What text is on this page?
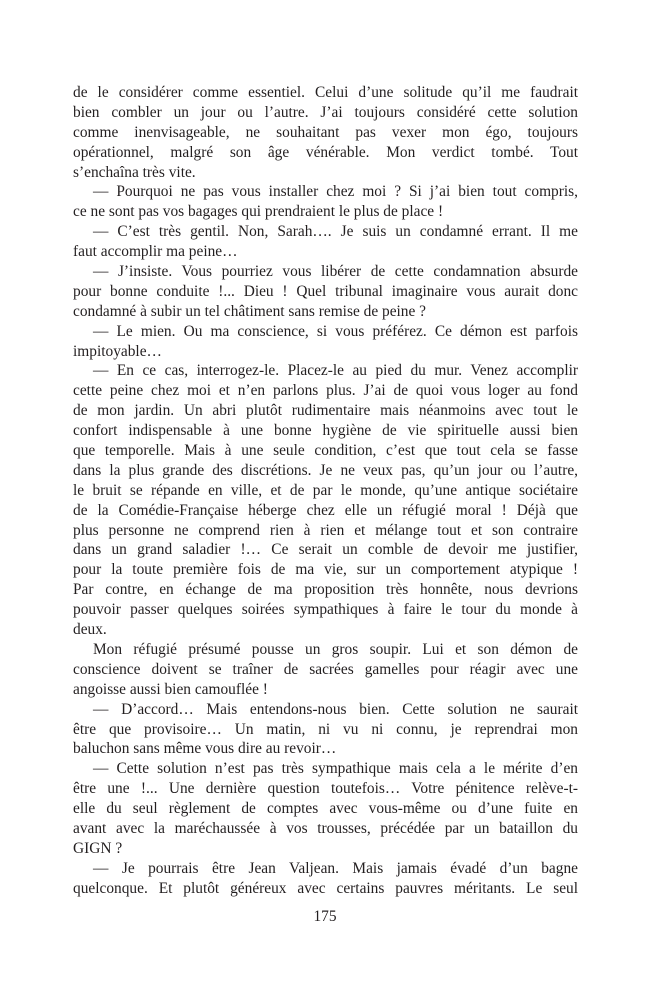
de le considérer comme essentiel. Celui d’une solitude qu’il me faudrait
bien combler un jour ou l’autre. J’ai toujours considéré cette solution
comme inenvisageable, ne souhaitant pas vexer mon égo, toujours
opérationnel, malgré son âge vénérable. Mon verdict tombé. Tout
s’enchaîna très vite.
— Pourquoi ne pas vous installer chez moi ? Si j’ai bien tout compris,
ce ne sont pas vos bagages qui prendraient le plus de place !
— C’est très gentil. Non, Sarah…. Je suis un condamné errant. Il me
faut accomplir ma peine…
— J’insiste. Vous pourriez vous libérer de cette condamnation absurde
pour bonne conduite !... Dieu ! Quel tribunal imaginaire vous aurait donc
condamné à subir un tel châtiment sans remise de peine ?
— Le mien. Ou ma conscience, si vous préférez. Ce démon est parfois
impitoyable…
— En ce cas, interrogez-le. Placez-le au pied du mur. Venez accomplir
cette peine chez moi et n’en parlons plus. J’ai de quoi vous loger au fond
de mon jardin. Un abri plutôt rudimentaire mais néanmoins avec tout le
confort indispensable à une bonne hygiène de vie spirituelle aussi bien
que temporelle. Mais à une seule condition, c’est que tout cela se fasse
dans la plus grande des discrétions. Je ne veux pas, qu’un jour ou l’autre,
le bruit se répande en ville, et de par le monde, qu’une antique sociétaire
de la Comédie-Française héberge chez elle un réfugié moral ! Déjà que
plus personne ne comprend rien à rien et mélange tout et son contraire
dans un grand saladier !… Ce serait un comble de devoir me justifier,
pour la toute première fois de ma vie, sur un comportement atypique !
Par contre, en échange de ma proposition très honnête, nous devrions
pouvoir passer quelques soirées sympathiques à faire le tour du monde à
deux.
Mon réfugié présumé pousse un gros soupir. Lui et son démon de
conscience doivent se traîner de sacrées gamelles pour réagir avec une
angoisse aussi bien camouflée !
— D’accord… Mais entendons-nous bien. Cette solution ne saurait
être que provisoire… Un matin, ni vu ni connu, je reprendrai mon
baluchon sans même vous dire au revoir…
— Cette solution n’est pas très sympathique mais cela a le mérite d’en
être une !... Une dernière question toutefois… Votre pénitence relève-t-
elle du seul règlement de comptes avec vous-même ou d’une fuite en
avant avec la maréchaussée à vos trousses, précédée par un bataillon du
GIGN ?
— Je pourrais être Jean Valjean. Mais jamais évadé d’un bagne
quelconque. Et plutôt généreux avec certains pauvres méritants. Le seul
175
